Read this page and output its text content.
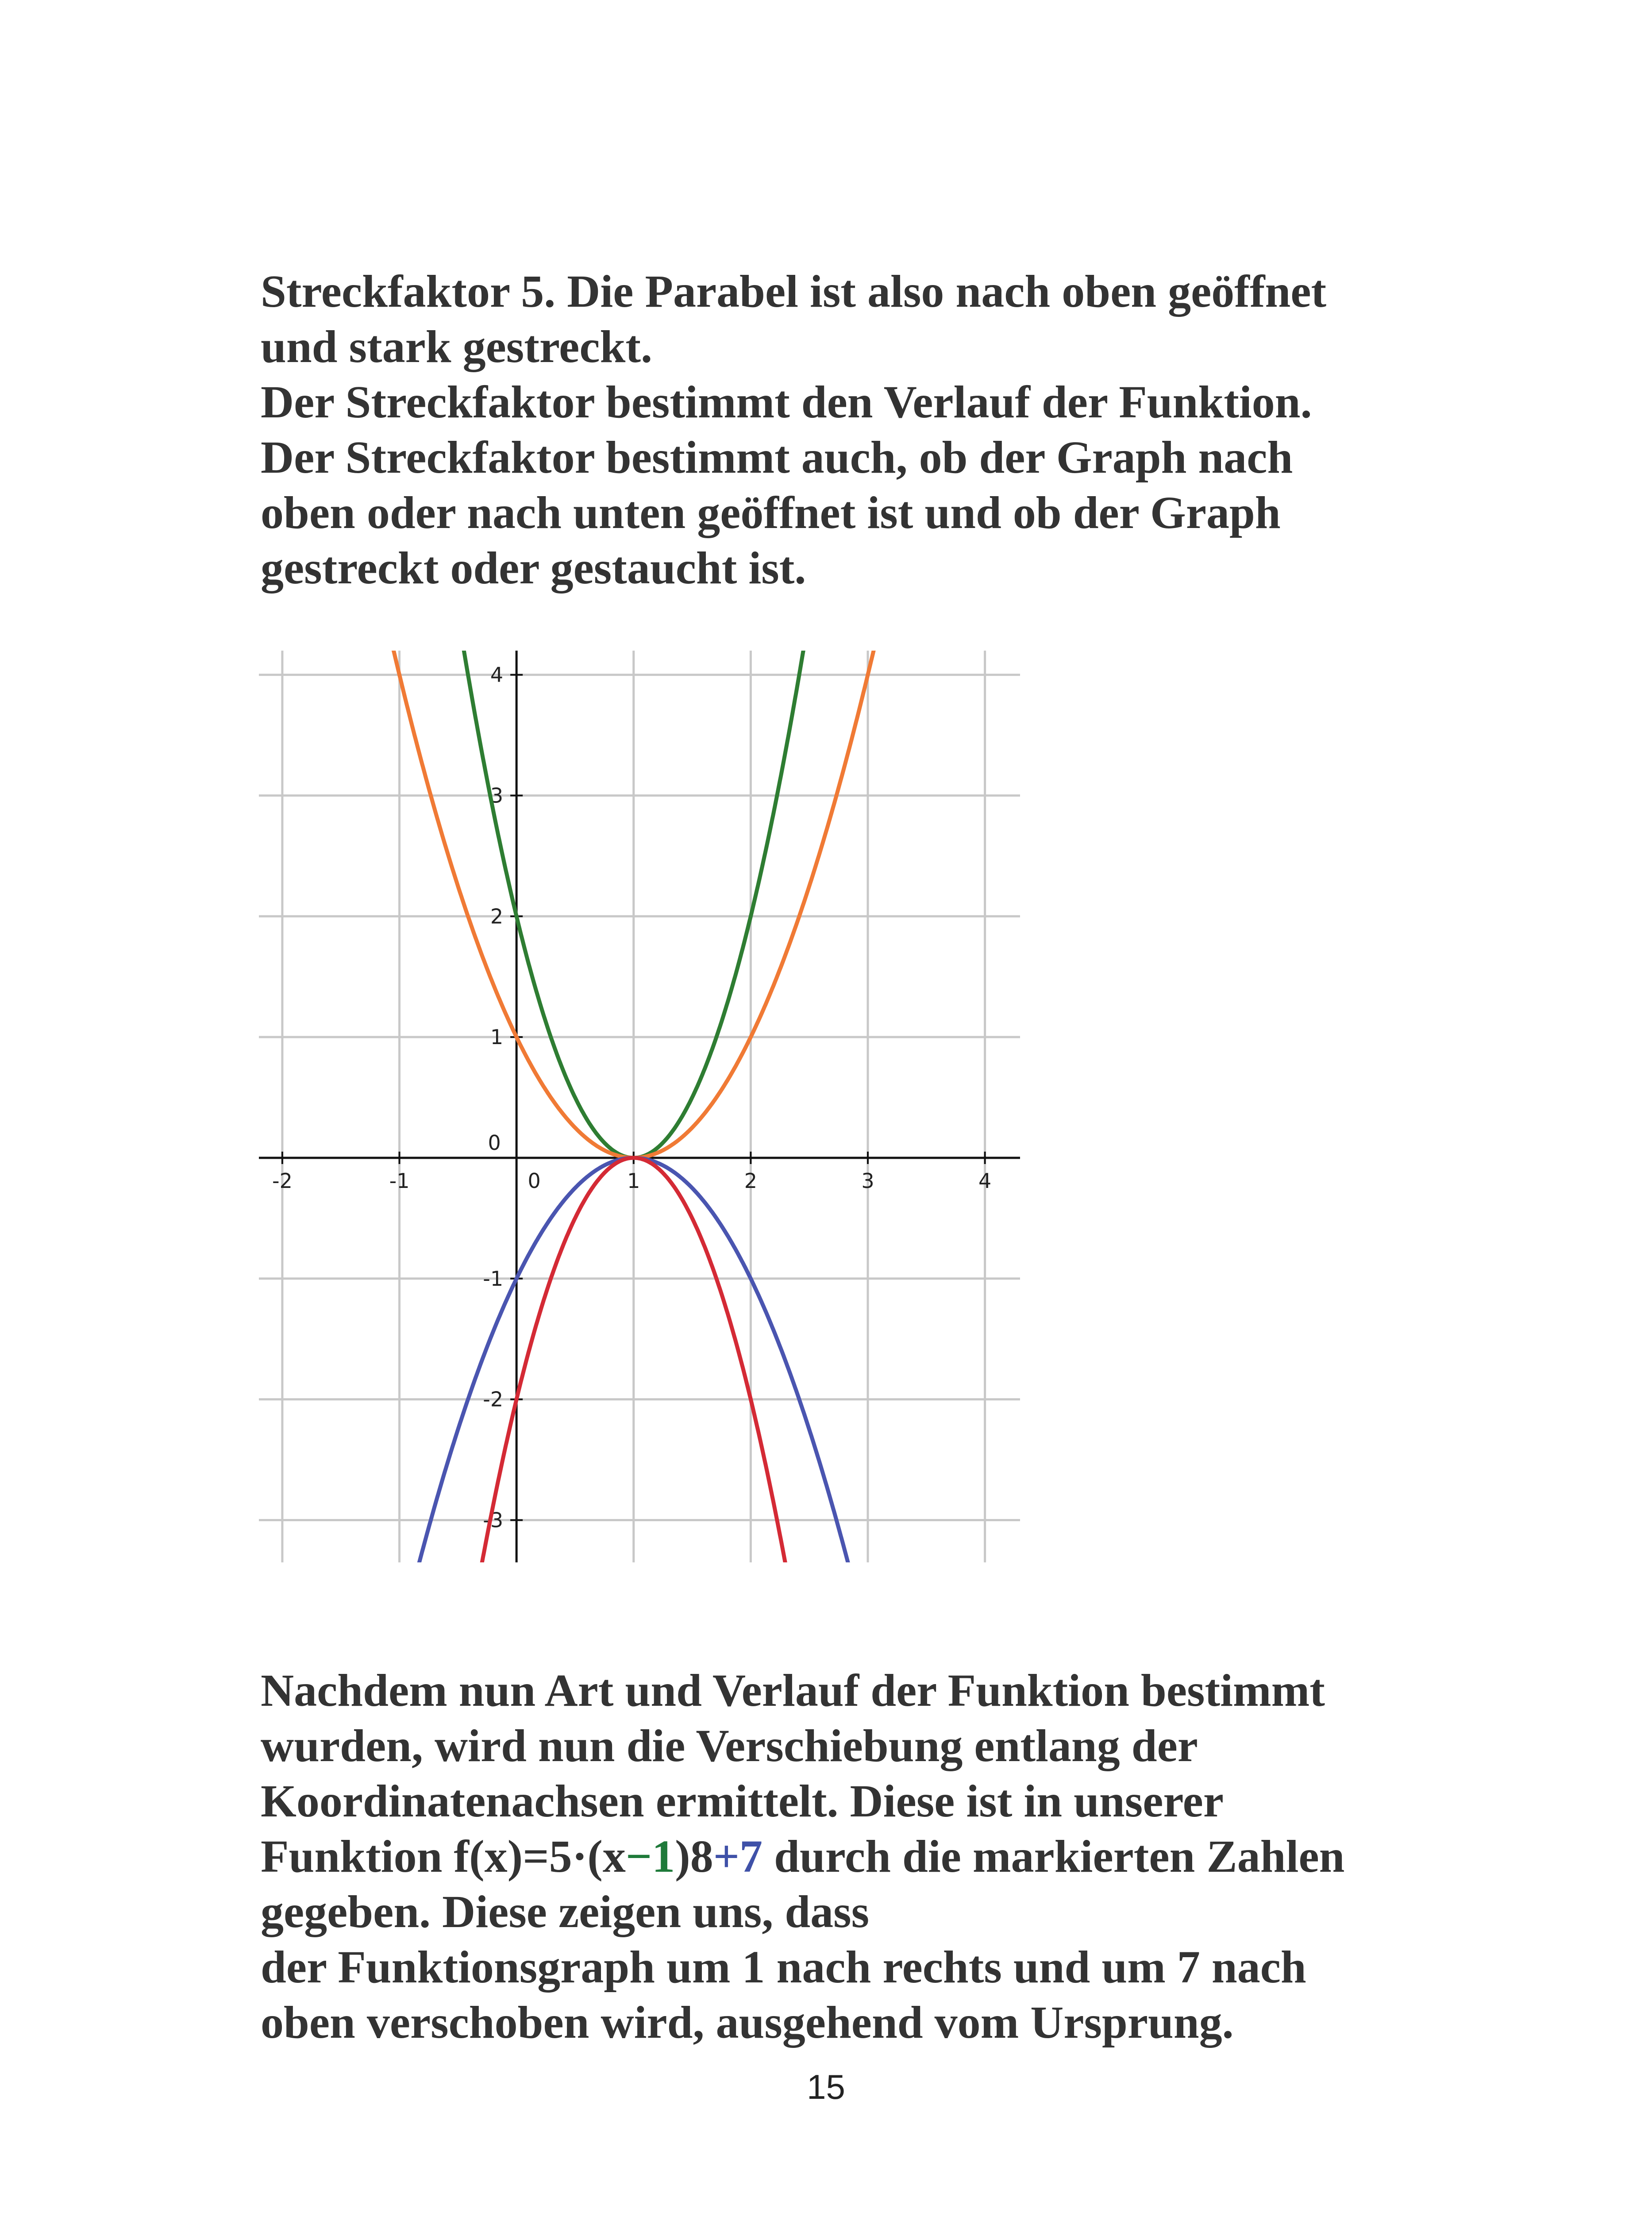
Streckfaktor 5. Die Parabel ist also nach oben geöffnet
und stark gestreckt.
Der Streckfaktor bestimmt den Verlauf der Funktion.
Der Streckfaktor bestimmt auch, ob der Graph nach
oben oder nach unten geöffnet ist und ob der Graph
gestreckt oder gestaucht ist.
-2	-1	0	1	2	3	4
-3
-2
-1
0
1
2
3
4
Nachdem nun Art und Verlauf der Funktion bestimmt
wurden, wird nun die Verschiebung entlang der
Koordinatenachsen ermittelt. Diese ist in unserer
Funktion f(x)=5·(x−1)8+7 durch die markierten Zahlen
gegeben. Diese zeigen uns, dass
der Funktionsgraph um 1 nach rechts und um 7 nach
oben verschoben wird, ausgehend vom Ursprung.
15
